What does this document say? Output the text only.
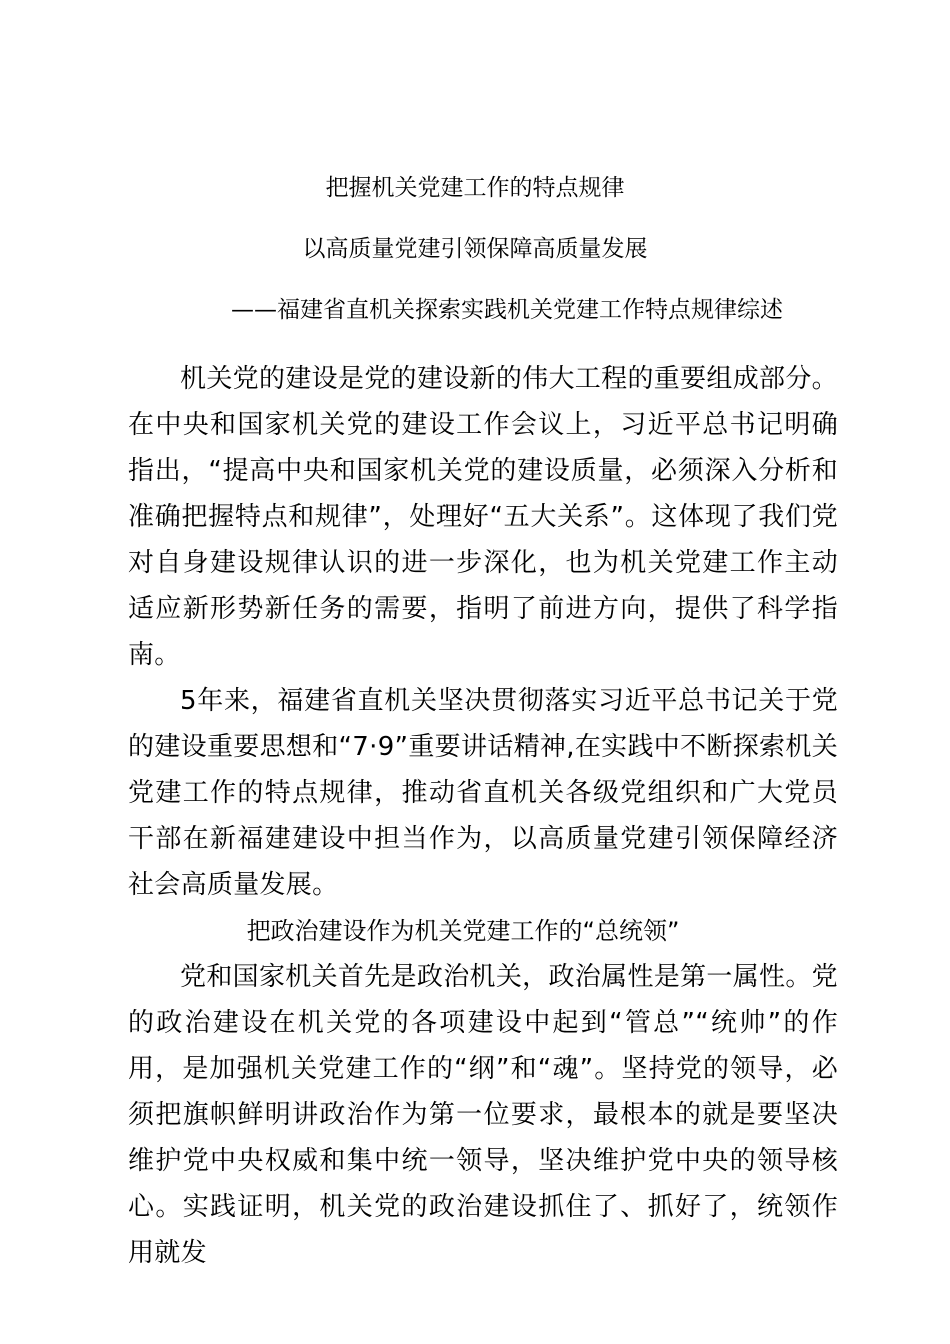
把握机关党建工作的特点规律
以高质量党建引领保障高质量发展
——福建省直机关探索实践机关党建工作特点规律综述

机关党的建设是党的建设新的伟大工程的重要组成部分。在中央和国家机关党的建设工作会议上，习近平总书记明确指出，“提高中央和国家机关党的建设质量，必须深入分析和准确把握特点和规律”，处理好“五大关系”。这体现了我们党对自身建设规律认识的进一步深化，也为机关党建工作主动适应新形势新任务的需要，指明了前进方向，提供了科学指南。

5年来，福建省直机关坚决贯彻落实习近平总书记关于党的建设重要思想和“7·9”重要讲话精神,在实践中不断探索机关党建工作的特点规律，推动省直机关各级党组织和广大党员干部在新福建建设中担当作为，以高质量党建引领保障经济社会高质量发展。

把政治建设作为机关党建工作的“总统领”

党和国家机关首先是政治机关，政治属性是第一属性。党的政治建设在机关党的各项建设中起到“管总”“统帅”的作用，是加强机关党建工作的“纲”和“魂”。坚持党的领导，必须把旗帜鲜明讲政治作为第一位要求，最根本的就是要坚决维护党中央权威和集中统一领导，坚决维护党中央的领导核心。实践证明，机关党的政治建设抓住了、抓好了，统领作用就发
